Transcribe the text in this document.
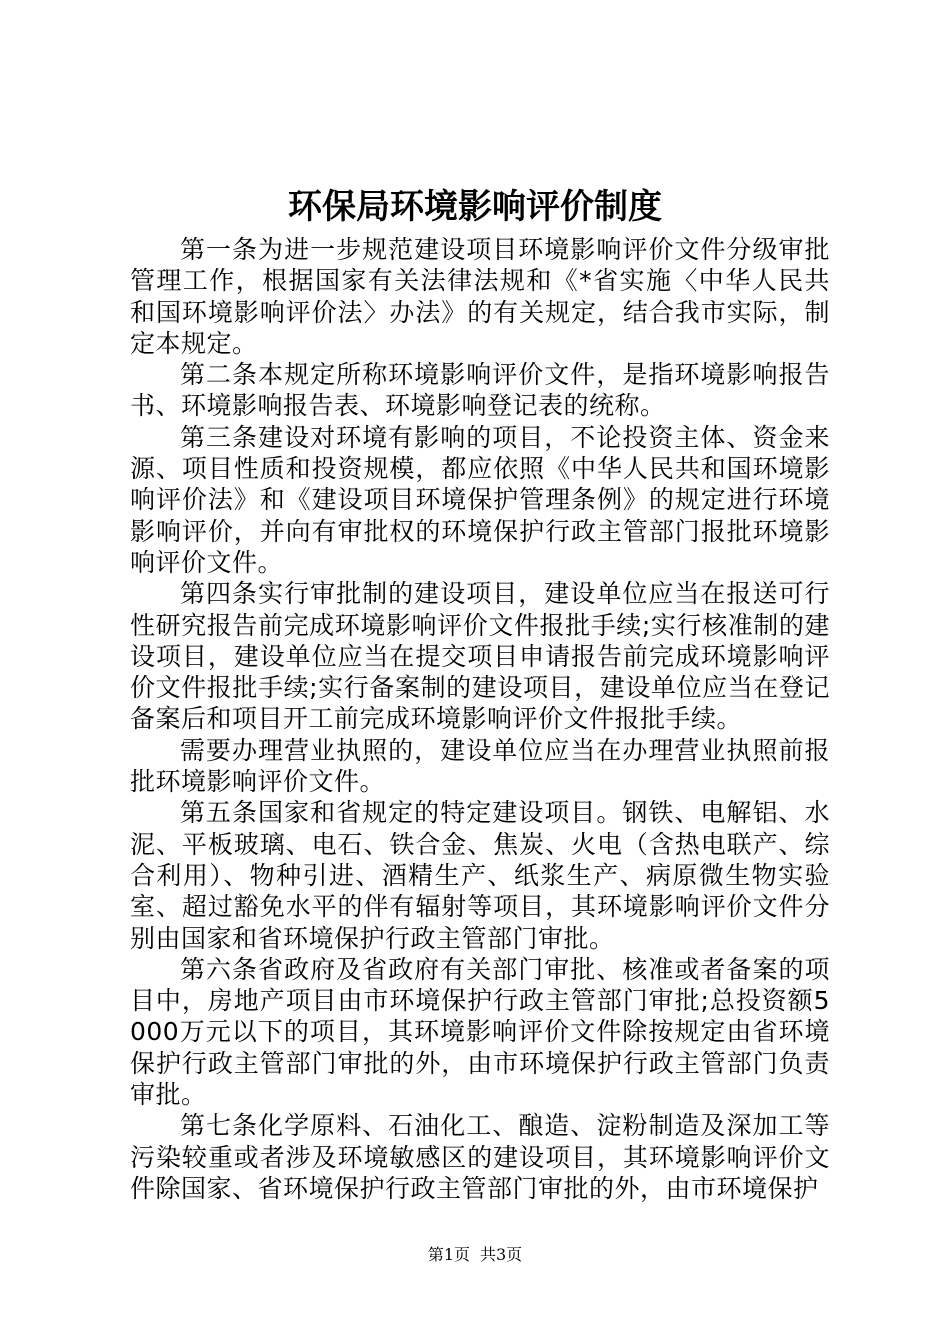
环保局环境影响评价制度

第一条为进一步规范建设项目环境影响评价文件分级审批管理工作，根据国家有关法律法规和《*省实施〈中华人民共和国环境影响评价法〉办法》的有关规定，结合我市实际，制定本规定。

第二条本规定所称环境影响评价文件，是指环境影响报告书、环境影响报告表、环境影响登记表的统称。

第三条建设对环境有影响的项目，不论投资主体、资金来源、项目性质和投资规模，都应依照《中华人民共和国环境影响评价法》和《建设项目环境保护管理条例》的规定进行环境影响评价，并向有审批权的环境保护行政主管部门报批环境影响评价文件。

第四条实行审批制的建设项目，建设单位应当在报送可行性研究报告前完成环境影响评价文件报批手续;实行核准制的建设项目，建设单位应当在提交项目申请报告前完成环境影响评价文件报批手续;实行备案制的建设项目，建设单位应当在登记备案后和项目开工前完成环境影响评价文件报批手续。

需要办理营业执照的，建设单位应当在办理营业执照前报批环境影响评价文件。

第五条国家和省规定的特定建设项目。钢铁、电解铝、水泥、平板玻璃、电石、铁合金、焦炭、火电（含热电联产、综合利用）、物种引进、酒精生产、纸浆生产、病原微生物实验室、超过豁免水平的伴有辐射等项目，其环境影响评价文件分别由国家和省环境保护行政主管部门审批。

第六条省政府及省政府有关部门审批、核准或者备案的项目中，房地产项目由市环境保护行政主管部门审批;总投资额5000万元以下的项目，其环境影响评价文件除按规定由省环境保护行政主管部门审批的外，由市环境保护行政主管部门负责审批。

第七条化学原料、石油化工、酿造、淀粉制造及深加工等污染较重或者涉及环境敏感区的建设项目，其环境影响评价文件除国家、省环境保护行政主管部门审批的外，由市环境保护

第1页 共3页
